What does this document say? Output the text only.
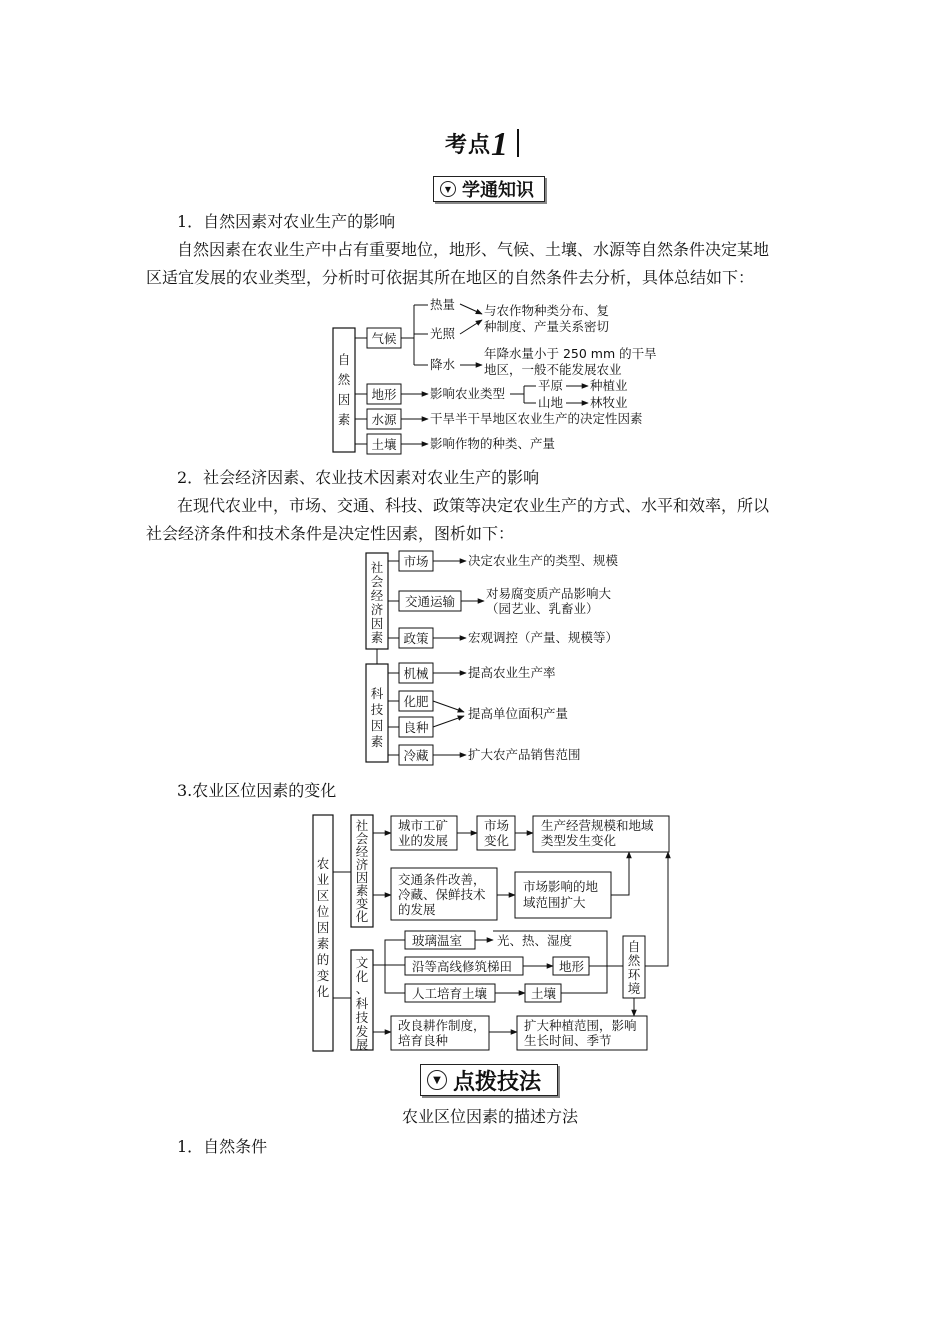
考点1
▼ 学通知识
1．自然因素对农业生产的影响
自然因素在农业生产中占有重要地位，地形、气候、土壤、水源等自然条件决定某地
区适宜发展的农业类型，分析时可依据其所在地区的自然条件去分析，具体总结如下：
自
然
因
素
气候
地形
水源
土壤
热量
光照
降水
与农作物种类分布、复
种制度、产量关系密切
年降水量小于 250 mm 的干旱
地区，一般不能发展农业
影响农业类型
平原 种植业
山地 林牧业
干旱半干旱地区农业生产的决定性因素
影响作物的种类、产量
社
会
经
济
因
素
科
技
因
素
市场	决定农业生产的类型、规模
交通运输
对易腐变质产品影响大
（园艺业、乳畜业）
政策	宏观调控（产量、规模等）
机械	提高农业生产率
化肥
良种
提高单位面积产量
冷藏	扩大农产品销售范围
农
业
区
位
因
素
的
变
化
社
会
经
济
因
素
变
化
文
化
、
科
技
发
展
城市工矿
业的发展
市场
变化
生产经营规模和地域
类型发生变化
交通条件改善，
冷藏、保鲜技术
的发展
市场影响的地
域范围扩大
玻璃温室	光、热、湿度
沿等高线修筑梯田	地形
人工培育土壤	土壤
自
然
环
境
改良耕作制度，
培育良种
扩大种植范围，影响
生长时间、季节
2．社会经济因素、农业技术因素对农业生产的影响
在现代农业中，市场、交通、科技、政策等决定农业生产的方式、水平和效率，所以
社会经济条件和技术条件是决定性因素，图析如下：
3.农业区位因素的变化
▼ 点拨技法
农业区位因素的描述方法
1．自然条件
